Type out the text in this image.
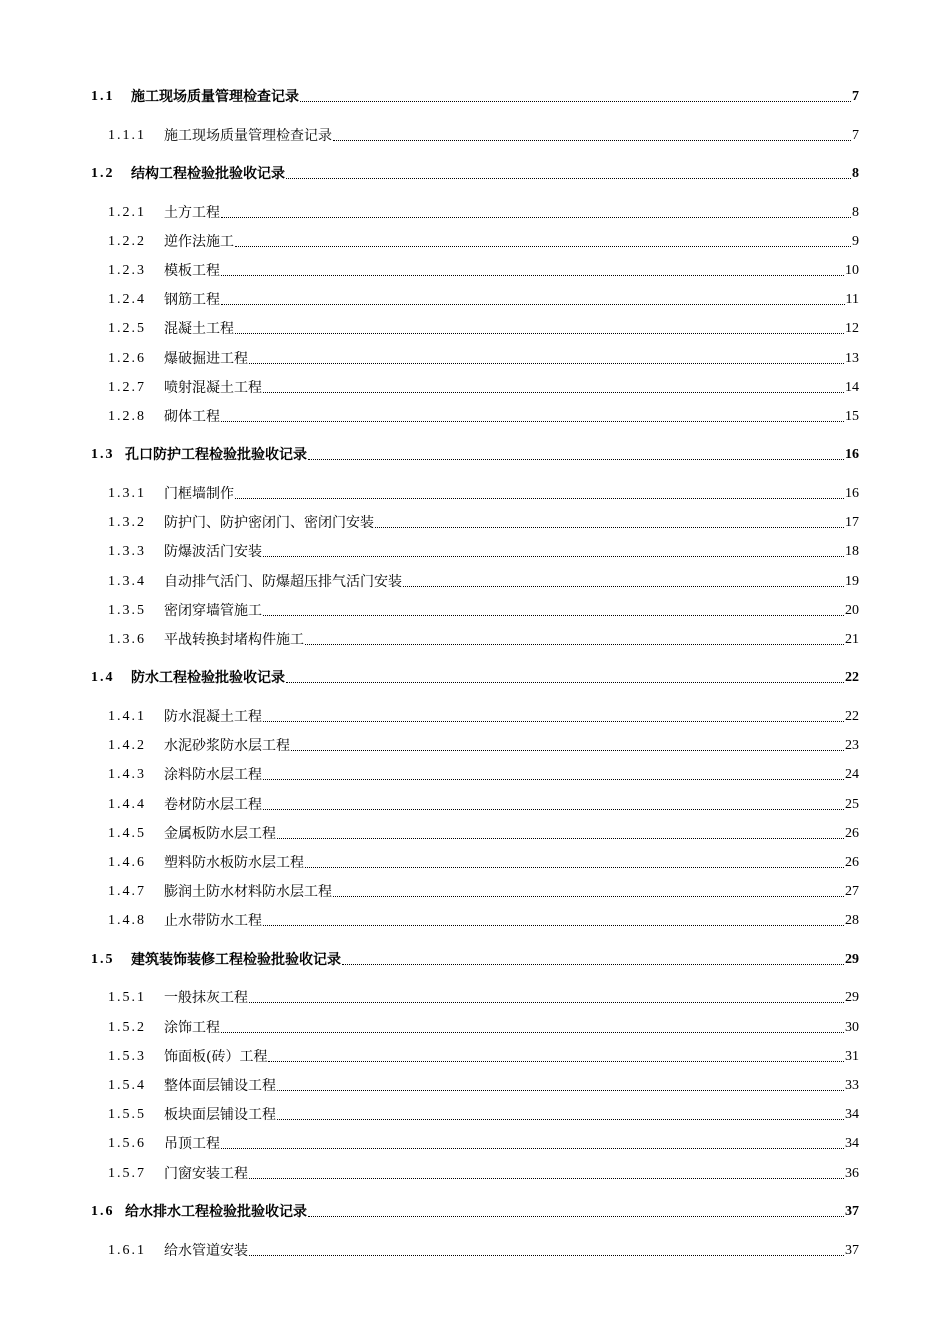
1.1	施工现场质量管理检查记录	7
1.1.1	施工现场质量管理检查记录	7
1.2	结构工程检验批验收记录	8
1.2.1	土方工程	8
1.2.2	逆作法施工	9
1.2.3	模板工程	10
1.2.4	钢筋工程	11
1.2.5	混凝土工程	12
1.2.6	爆破掘进工程	13
1.2.7	喷射混凝土工程	14
1.2.8	砌体工程	15
1.3 孔口防护工程检验批验收记录	16
1.3.1	门框墙制作	16
1.3.2	防护门、防护密闭门、密闭门安装	17
1.3.3	防爆波活门安装	18
1.3.4	自动排气活门、防爆超压排气活门安装	19
1.3.5	密闭穿墙管施工	20
1.3.6	平战转换封堵构件施工	21
1.4	防水工程检验批验收记录	22
1.4.1	防水混凝土工程	22
1.4.2	水泥砂浆防水层工程	23
1.4.3	涂料防水层工程	24
1.4.4	卷材防水层工程	25
1.4.5	金属板防水层工程	26
1.4.6	塑料防水板防水层工程	26
1.4.7	膨润土防水材料防水层工程	27
1.4.8	止水带防水工程	28
1.5	建筑装饰装修工程检验批验收记录	29
1.5.1	一般抹灰工程	29
1.5.2	涂饰工程	30
1.5.3	饰面板(砖）工程	31
1.5.4	整体面层铺设工程	33
1.5.5	板块面层铺设工程	34
1.5.6	吊顶工程	34
1.5.7	门窗安装工程	36
1.6 给水排水工程检验批验收记录	37
1.6.1	给水管道安装	37
